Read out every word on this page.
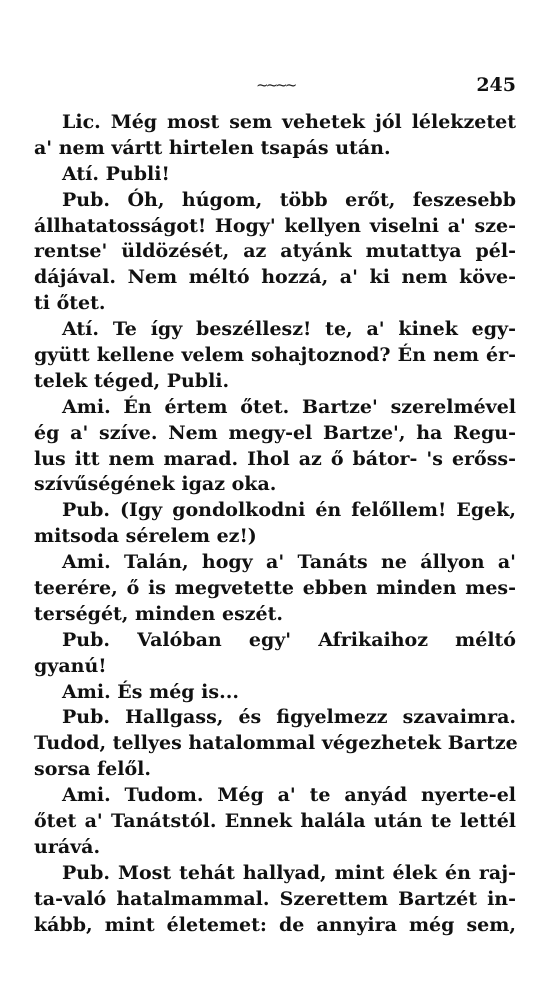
~~~~	245
Lic. Még most sem vehetek jól lélekzetet
a' nem vártt hirtelen tsapás után.
Atí. Publi!
Pub. Óh, húgom, több erőt, feszesebb
állhatatosságot! Hogy' kellyen viselni a' sze-
rentse' üldözését, az atyánk mutattya pél-
dájával. Nem méltó hozzá, a' ki nem köve-
ti őtet.
Atí. Te így beszéllesz! te, a' kinek egy-
gyütt kellene velem sohajtoznod? Én nem ér-
telek téged, Publi.
Ami. Én értem őtet. Bartze' szerelmével
ég a' szíve. Nem megy-el Bartze', ha Regu-
lus itt nem marad. Ihol az ő bátor- 's erőss-
szívűségének igaz oka.
Pub. (Igy gondolkodni én felőllem! Egek,
mitsoda sérelem ez!)
Ami. Talán, hogy a' Tanáts ne állyon a'
teerére, ő is megvetette ebben minden mes-
terségét, minden eszét.
Pub. Valóban egy' Afrikaihoz méltó
gyanú!
Ami. És még is...
Pub. Hallgass, és figyelmezz szavaimra.
Tudod, tellyes hatalommal végezhetek Bartze
sorsa felől.
Ami. Tudom. Még a' te anyád nyerte-el
őtet a' Tanátstól. Ennek halála után te lettél
urává.
Pub. Most tehát hallyad, mint élek én raj-
ta-való hatalmammal. Szerettem Bartzét in-
kább, mint életemet: de annyira még sem,
